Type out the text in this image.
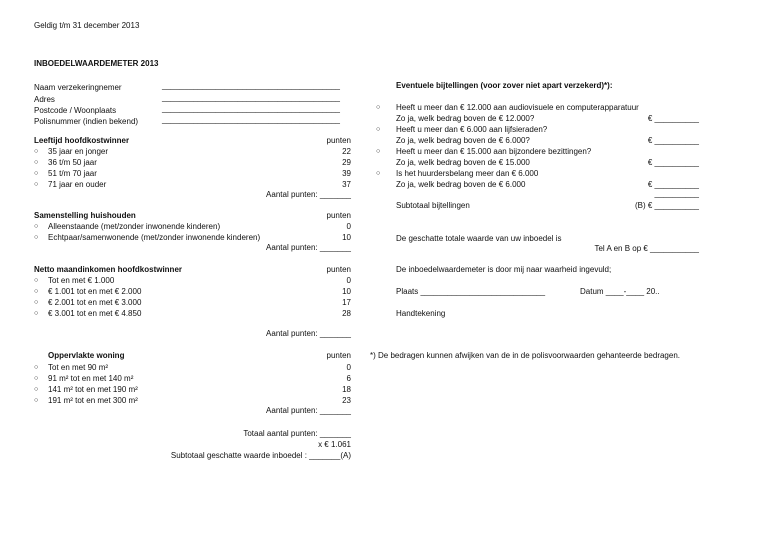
Geldig t/m 31 december 2013
INBOEDELWAARDEMETER 2013
Naam verzekeringnemer	________________________________________
Adres	________________________________________
Postcode / Woonplaats	________________________________________
Polisnummer (indien bekend)	________________________________________
Leeftijd hoofdkostwinner	punten
○ 35 jaar en jonger	22
○ 36 t/m 50 jaar	29
○ 51 t/m 70 jaar	39
○ 71 jaar en ouder	37
Aantal punten: _______
Samenstelling huishouden	punten
○ Alleenstaande (met/zonder inwonende kinderen)	0
○ Echtpaar/samenwonende (met/zonder inwonende kinderen)	10
Aantal punten: _______
Netto maandinkomen hoofdkostwinner	punten
○ Tot en met € 1.000	0
○ € 1.001 tot en met € 2.000	10
○ € 2.001 tot en met € 3.000	17
○ € 3.001 tot en met € 4.850	28
Aantal punten: _______
Oppervlakte woning	punten
○ Tot en met 90 m²	0
○ 91 m² tot en met 140 m²	6
○ 141 m² tot en met 190 m²	18
○ 191 m² tot en met 300 m²	23
Aantal punten: _______
Totaal aantal punten: _______
x € 1.061
Subtotaal geschatte waarde inboedel : _______(A)
Eventuele bijtellingen (voor zover niet apart verzekerd)*):
○ Heeft u meer dan € 12.000 aan audiovisuele en computerapparatuur
Zo ja, welk bedrag boven de € 12.000?	€ __________
○ Heeft u meer dan € 6.000 aan lijfsieraden?
Zo ja, welk bedrag boven de € 6.000?	€ __________
○ Heeft u meer dan € 15.000 aan bijzondere bezittingen?
Zo ja, welk bedrag boven de € 15.000	€ __________
○ Is het huurdersbelang meer dan € 6.000
Zo ja, welk bedrag boven de € 6.000	€ __________
__________
Subtotaal bijtellingen	(B) € __________
De geschatte totale waarde van uw inboedel is
Tel A en B op € ___________
De inboedelwaardemeter is door mij naar waarheid ingevuld;
Plaats ____________________________	Datum ____-____ 20..
Handtekening
*) De bedragen kunnen afwijken van de in de polisvoorwaarden gehanteerde bedragen.
